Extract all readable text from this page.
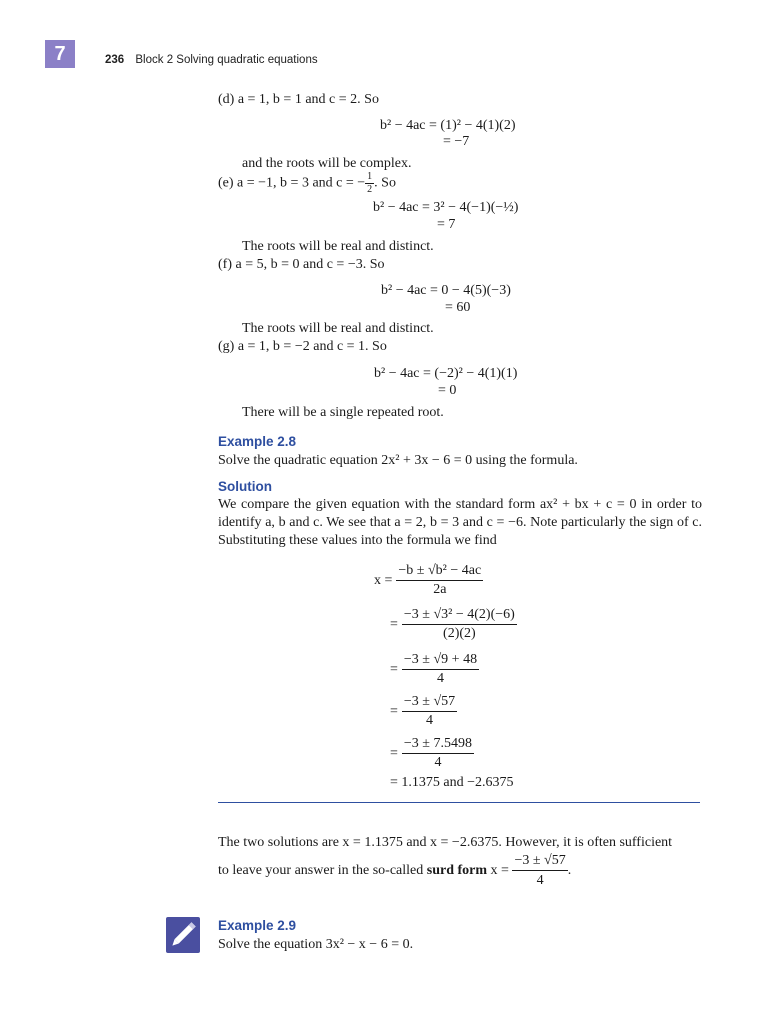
7	236 Block 2 Solving quadratic equations
(d) a = 1, b = 1 and c = 2. So
b² − 4ac = (1)² − 4(1)(2)
= −7
and the roots will be complex.
(e) a = −1, b = 3 and c = − $\frac{1}{2}$ . So
b² − 4ac = 3² − 4(−1)(−½)
= 7
The roots will be real and distinct.
(f) a = 5, b = 0 and c = −3. So
b² − 4ac = 0 − 4(5)(−3)
= 60
The roots will be real and distinct.
(g) a = 1, b = −2 and c = 1. So
b² − 4ac = (−2)² − 4(1)(1)
= 0
There will be a single repeated root.
Example 2.8
Solve the quadratic equation 2x² + 3x − 6 = 0 using the formula.
Solution
We compare the given equation with the standard form ax² + bx + c = 0 in order to identify a, b and c. We see that a = 2, b = 3 and c = −6. Note particularly the sign of c. Substituting these values into the formula we find
$x = \frac{\text{−b ± √b² − 4ac}}{2a}$
= $\frac{\text{−3 ± √3² − 4(2)(−6)}}{(2)(2)}$
= $\frac{-3 \pm √9 + 48}{4}$
= $\frac{-3 \pm √57}{4}$
= $\frac{-3 \pm 7.5498}{4}$
= 1.1375 and −2.6375
The two solutions are x = 1.1375 and x = −2.6375. However, it is often sufficient
to leave your answer in the so-called surd form $x = \frac{-3 \pm √57}{4}$ .
Example 2.9
Solve the equation 3x² − x − 6 = 0.
